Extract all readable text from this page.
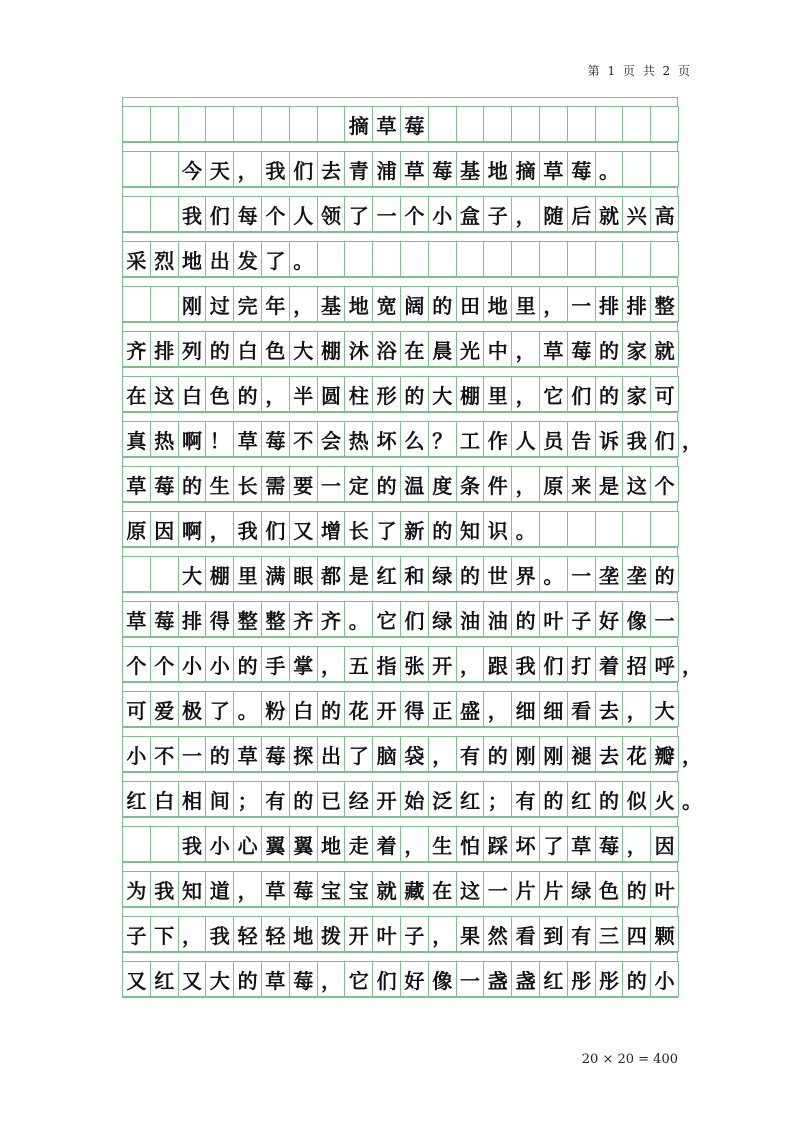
第 1 页 共 2 页
摘 草 莓
今 天 ， 我 们 去 青 浦 草 莓 基 地 摘 草 莓 。
我 们 每 个 人 领 了 一 个 小 盒 子 ， 随 后 就 兴 高
采 烈 地 出 发 了 。
刚 过 完 年 ， 基 地 宽 阔 的 田 地 里 ， 一 排 排 整
齐 排 列 的 白 色 大 棚 沐 浴 在 晨 光 中 ， 草 莓 的 家 就
在 这 白 色 的 ， 半 圆 柱 形 的 大 棚 里 ， 它 们 的 家 可
真 热 啊 ！ 草 莓 不 会 热 坏 么 ？ 工 作 人 员 告 诉 我 们 ，
草 莓 的 生 长 需 要 一 定 的 温 度 条 件 ， 原 来 是 这 个
原 因 啊 ， 我 们 又 增 长 了 新 的 知 识 。
大 棚 里 满 眼 都 是 红 和 绿 的 世 界 。 一 垄 垄 的
草 莓 排 得 整 整 齐 齐 。 它 们 绿 油 油 的 叶 子 好 像 一
个 个 小 小 的 手 掌 ， 五 指 张 开 ， 跟 我 们 打 着 招 呼 ，
可 爱 极 了 。 粉 白 的 花 开 得 正 盛 ， 细 细 看 去 ， 大
小 不 一 的 草 莓 探 出 了 脑 袋 ， 有 的 刚 刚 褪 去 花 瓣 ，
红 白 相 间 ； 有 的 已 经 开 始 泛 红 ； 有 的 红 的 似 火 。
我 小 心 翼 翼 地 走 着 ， 生 怕 踩 坏 了 草 莓 ， 因
为 我 知 道 ， 草 莓 宝 宝 就 藏 在 这 一 片 片 绿 色 的 叶
子 下 ， 我 轻 轻 地 拨 开 叶 子 ， 果 然 看 到 有 三 四 颗
又 红 又 大 的 草 莓 ， 它 们 好 像 一 盏 盏 红 彤 彤 的 小
20 × 20 = 400
